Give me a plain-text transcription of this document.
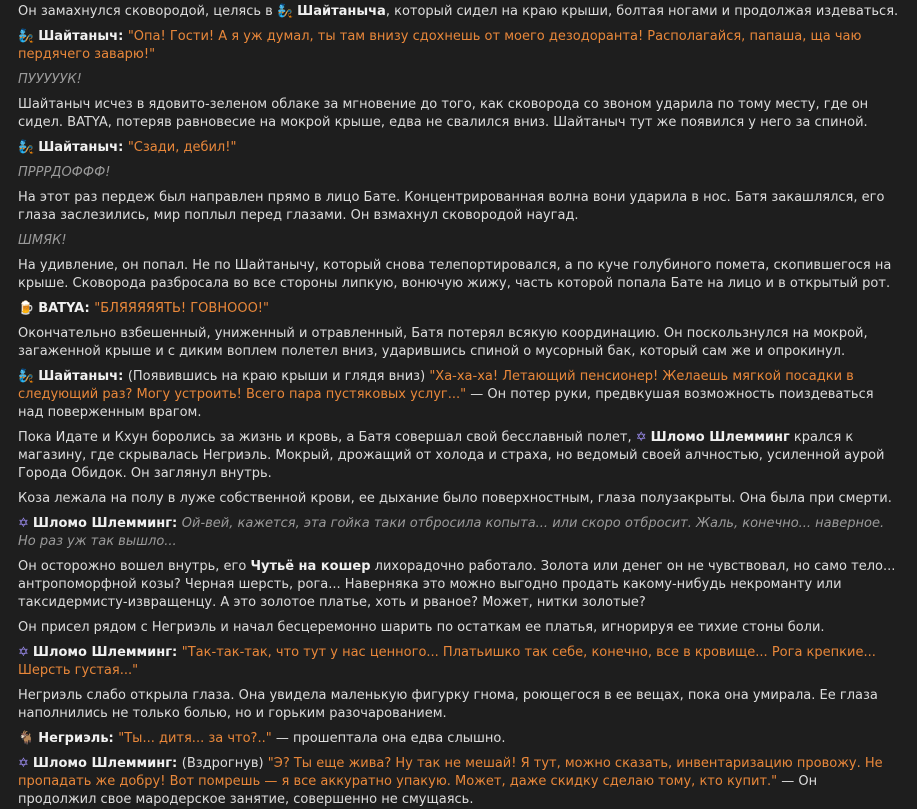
Он замахнулся сковородой, целясь в 🧞 Шайтаныча, который сидел на краю крыши, болтая ногами и продолжая издеваться.
🧞 Шайтаныч: "Опа! Гости! А я уж думал, ты там внизу сдохнешь от моего дезодоранта! Располагайся, папаша, ща чаю пердячего заварю!"
ПУУУУУК!
Шайтаныч исчез в ядовито-зеленом облаке за мгновение до того, как сковорода со звоном ударила по тому месту, где он сидел. BATYA, потеряв равновесие на мокрой крыше, едва не свалился вниз. Шайтаныч тут же появился у него за спиной.
🧞 Шайтаныч: "Сзади, дебил!"
ПРРРДОФФФ!
На этот раз пердеж был направлен прямо в лицо Бате. Концентрированная волна вони ударила в нос. Батя закашлялся, его глаза заслезились, мир поплыл перед глазами. Он взмахнул сковородой наугад.
ШМЯК!
На удивление, он попал. Не по Шайтанычу, который снова телепортировался, а по куче голубиного помета, скопившегося на крыше. Сковорода разбросала во все стороны липкую, вонючую жижу, часть которой попала Бате на лицо и в открытый рот.
🍺 BATYA: "БЛЯЯЯЯЯТЬ! ГОВНООО!"
Окончательно взбешенный, униженный и отравленный, Батя потерял всякую координацию. Он поскользнулся на мокрой, загаженной крыше и с диким воплем полетел вниз, ударившись спиной о мусорный бак, который сам же и опрокинул.
🧞 Шайтаныч: (Появившись на краю крыши и глядя вниз) "Ха-ха-ха! Летающий пенсионер! Желаешь мягкой посадки в следующий раз? Могу устроить! Всего пара пустяковых услуг..." — Он потер руки, предвкушая возможность поиздеваться над поверженным врагом.
Пока Идате и Кхун боролись за жизнь и кровь, а Батя совершал свой бесславный полет, ✡ Шломо Шлемминг крался к магазину, где скрывалась Негриэль. Мокрый, дрожащий от холода и страха, но ведомый своей алчностью, усиленной аурой Города Обидок. Он заглянул внутрь.
Коза лежала на полу в луже собственной крови, ее дыхание было поверхностным, глаза полузакрыты. Она была при смерти.
✡ Шломо Шлемминг: Ой-вей, кажется, эта гойка таки отбросила копыта... или скоро отбросит. Жаль, конечно... наверное. Но раз уж так вышло...
Он осторожно вошел внутрь, его Чутьё на кошер лихорадочно работало. Золота или денег он не чувствовал, но само тело... антропоморфной козы? Черная шерсть, рога... Наверняка это можно выгодно продать какому-нибудь некроманту или таксидермисту-извращенцу. А это золотое платье, хоть и рваное? Может, нитки золотые?
Он присел рядом с Негриэль и начал бесцеремонно шарить по остаткам ее платья, игнорируя ее тихие стоны боли.
✡ Шломо Шлемминг: "Так-так-так, что тут у нас ценного... Платьишко так себе, конечно, все в кровище... Рога крепкие... Шерсть густая..."
Негриэль слабо открыла глаза. Она увидела маленькую фигурку гнома, роющегося в ее вещах, пока она умирала. Ее глаза наполнились не только болью, но и горьким разочарованием.
🐐 Негриэль: "Ты... дитя... за что?.." — прошептала она едва слышно.
✡ Шломо Шлемминг: (Вздрогнув) "Э? Ты еще жива? Ну так не мешай! Я тут, можно сказать, инвентаризацию провожу. Не пропадать же добру! Вот помрешь — я все аккуратно упакую. Может, даже скидку сделаю тому, кто купит." — Он продолжил свое мародерское занятие, совершенно не смущаясь.
